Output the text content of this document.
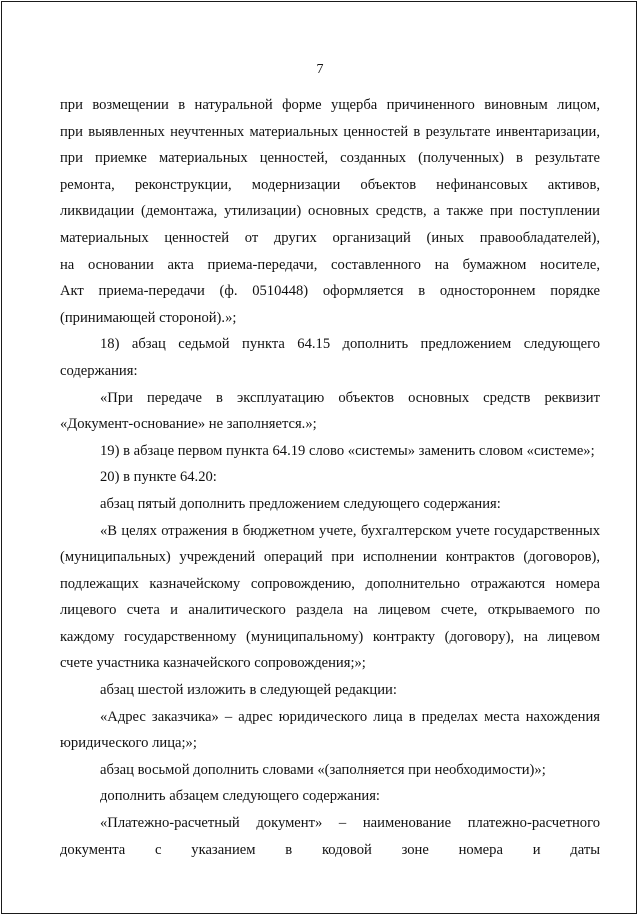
7
при возмещении в натуральной форме ущерба причиненного виновным лицом,
при выявленных неучтенных материальных ценностей в результате инвентаризации,
при приемке материальных ценностей, созданных (полученных) в результате
ремонта, реконструкции, модернизации объектов нефинансовых активов,
ликвидации (демонтажа, утилизации) основных средств, а также при поступлении
материальных ценностей от других организаций (иных правообладателей),
на основании акта приема-передачи, составленного на бумажном носителе,
Акт приема-передачи (ф. 0510448) оформляется в одностороннем порядке
(принимающей стороной).»;
18) абзац седьмой пункта 64.15 дополнить предложением следующего
содержания:
«При передаче в эксплуатацию объектов основных средств реквизит
«Документ-основание» не заполняется.»;
19) в абзаце первом пункта 64.19 слово «системы» заменить словом «системе»;
20) в пункте 64.20:
абзац пятый дополнить предложением следующего содержания:
«В целях отражения в бюджетном учете, бухгалтерском учете государственных
(муниципальных) учреждений операций при исполнении контрактов (договоров),
подлежащих казначейскому сопровождению, дополнительно отражаются номера
лицевого счета и аналитического раздела на лицевом счете, открываемого по
каждому государственному (муниципальному) контракту (договору), на лицевом
счете участника казначейского сопровождения;»;
абзац шестой изложить в следующей редакции:
«Адрес заказчика» – адрес юридического лица в пределах места нахождения
юридического лица;»;
абзац восьмой дополнить словами «(заполняется при необходимости)»;
дополнить абзацем следующего содержания:
«Платежно-расчетный документ» – наименование платежно-расчетного
документа с указанием в кодовой зоне номера и даты
